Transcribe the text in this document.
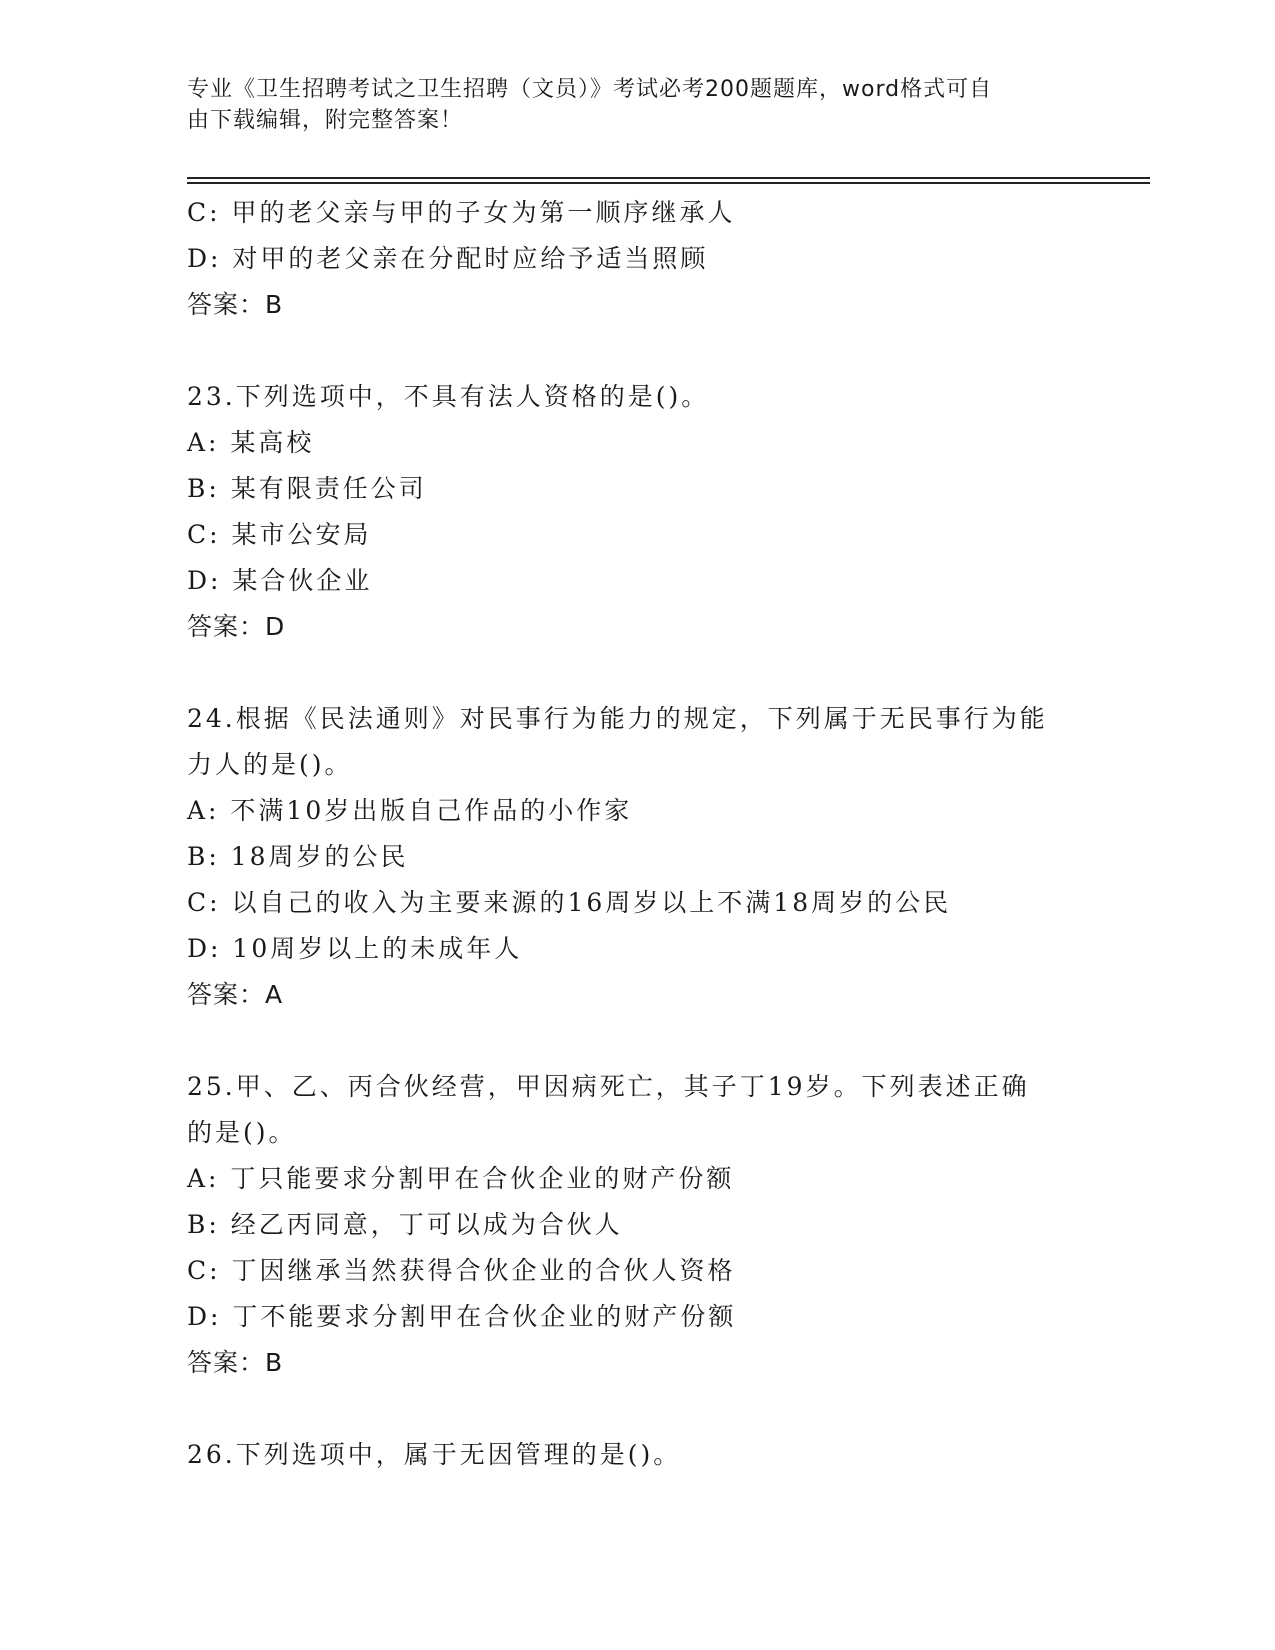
专业《卫生招聘考试之卫生招聘（文员）》考试必考200题题库，word格式可自
由下载编辑，附完整答案！
C: 甲的老父亲与甲的子女为第一顺序继承人
D: 对甲的老父亲在分配时应给予适当照顾
答案：B
23.下列选项中，不具有法人资格的是()。
A: 某高校
B: 某有限责任公司
C: 某市公安局
D: 某合伙企业
答案：D
24.根据《民法通则》对民事行为能力的规定，下列属于无民事行为能
力人的是()。
A: 不满10岁出版自己作品的小作家
B: 18周岁的公民
C: 以自己的收入为主要来源的16周岁以上不满18周岁的公民
D: 10周岁以上的未成年人
答案：A
25.甲、乙、丙合伙经营，甲因病死亡，其子丁19岁。下列表述正确
的是()。
A: 丁只能要求分割甲在合伙企业的财产份额
B: 经乙丙同意，丁可以成为合伙人
C: 丁因继承当然获得合伙企业的合伙人资格
D: 丁不能要求分割甲在合伙企业的财产份额
答案：B
26.下列选项中，属于无因管理的是()。
